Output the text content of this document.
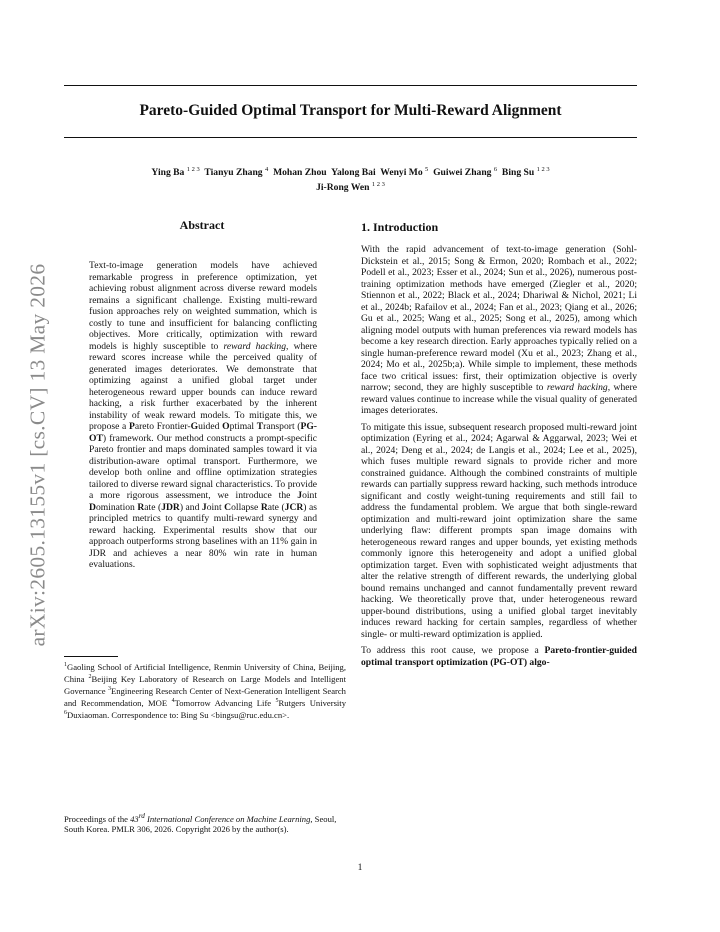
Pareto-Guided Optimal Transport for Multi-Reward Alignment
Ying Ba $^{1 2 3}$ Tianyu Zhang $^4$ Mohan Zhou Yalong Bai Wenyi Mo $^5$ Guiwei Zhang $^6$ Bing Su $^{1 2 3}$
Ji-Rong Wen $^{1 2 3}$
arXiv:2605.13155v1 [cs.CV] 13 May 2026
Abstract
Text-to-image generation models have achieved remarkable progress in preference optimization, yet achieving robust alignment across diverse reward models remains a significant challenge. Existing multi-reward fusion approaches rely on weighted summation, which is costly to tune and insufficient for balancing conflicting objectives. More critically, optimization with reward models is highly susceptible to reward hacking, where reward scores increase while the perceived quality of generated images deteriorates. We demonstrate that optimizing against a unified global target under heterogeneous reward upper bounds can induce reward hacking, a risk further exacerbated by the inherent instability of weak reward models. To mitigate this, we propose a Pareto Frontier-Guided Optimal Transport (PG-OT) framework. Our method constructs a prompt-specific Pareto frontier and maps dominated samples toward it via distribution-aware optimal transport. Furthermore, we develop both online and offline optimization strategies tailored to diverse reward signal characteristics. To provide a more rigorous assessment, we introduce the Joint Domination Rate (JDR) and Joint Collapse Rate (JCR) as principled metrics to quantify multi-reward synergy and reward hacking. Experimental results show that our approach outperforms strong baselines with an 11% gain in JDR and achieves a near 80% win rate in human evaluations.
$^1$Gaoling School of Artificial Intelligence, Renmin University of China, Beijing, China $^2$Beijing Key Laboratory of Research on Large Models and Intelligent Governance $^3$Engineering Research Center of Next-Generation Intelligent Search and Recommendation, MOE $^4$Tomorrow Advancing Life $^5$Rutgers University $^6$Duxiaoman. Correspondence to: Bing Su <bingsu@ruc.edu.cn>.
Proceedings of the 43rd International Conference on Machine Learning, Seoul, South Korea. PMLR 306, 2026. Copyright 2026 by the author(s).
1. Introduction

With the rapid advancement of text-to-image generation (Sohl-Dickstein et al., 2015; Song & Ermon, 2020; Rombach et al., 2022; Podell et al., 2023; Esser et al., 2024; Sun et al., 2026), numerous post-training optimization methods have emerged (Ziegler et al., 2020; Stiennon et al., 2022; Black et al., 2024; Dhariwal & Nichol, 2021; Li et al., 2024b; Rafailov et al., 2024; Fan et al., 2023; Qiang et al., 2026; Gu et al., 2025; Wang et al., 2025; Song et al., 2025), among which aligning model outputs with human preferences via reward models has become a key research direction. Early approaches typically relied on a single human-preference reward model (Xu et al., 2023; Zhang et al., 2024; Mo et al., 2025b;a). While simple to implement, these methods face two critical issues: first, their optimization objective is overly narrow; second, they are highly susceptible to reward hacking, where reward values continue to increase while the visual quality of generated images deteriorates.

To mitigate this issue, subsequent research proposed multi-reward joint optimization (Eyring et al., 2024; Agarwal & Aggarwal, 2023; Wei et al., 2024; Deng et al., 2024; de Langis et al., 2024; Lee et al., 2025), which fuses multiple reward signals to provide richer and more constrained guidance. Although the combined constraints of multiple rewards can partially suppress reward hacking, such methods introduce significant and costly weight-tuning requirements and still fail to address the fundamental problem. We argue that both single-reward optimization and multi-reward joint optimization share the same underlying flaw: different prompts span image domains with heterogeneous reward ranges and upper bounds, yet existing methods commonly ignore this heterogeneity and adopt a unified global optimization target. Even with sophisticated weight adjustments that alter the relative strength of different rewards, the underlying global bound remains unchanged and cannot fundamentally prevent reward hacking. We theoretically prove that, under heterogeneous reward upper-bound distributions, using a unified global target inevitably induces reward hacking for certain samples, regardless of whether single- or multi-reward optimization is applied.

To address this root cause, we propose a Pareto-frontier-guided optimal transport optimization (PG-OT) algo-

1
